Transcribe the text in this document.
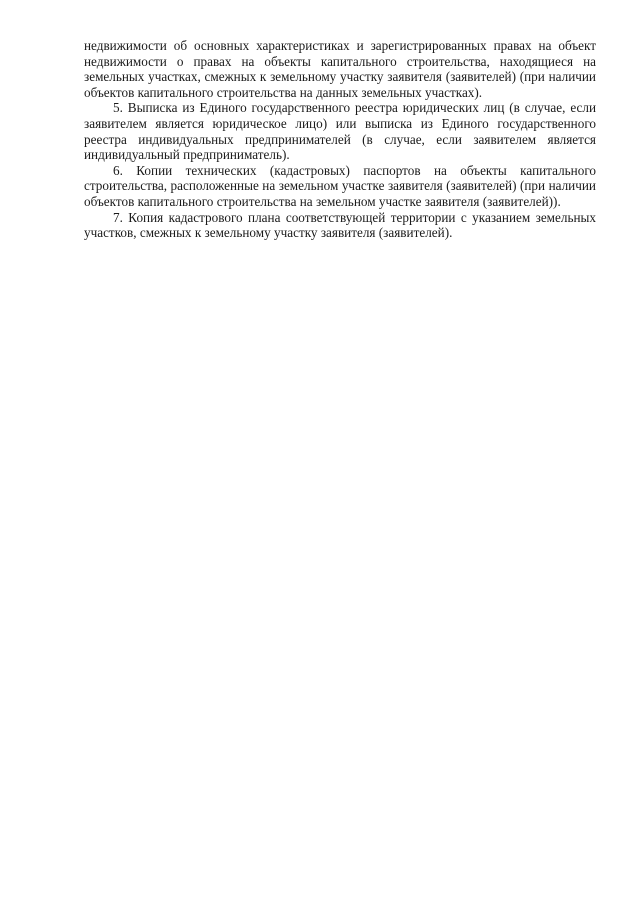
недвижимости об основных характеристиках и зарегистрированных правах на объект недвижимости о правах на объекты капитального строительства, находящиеся на земельных участках, смежных к земельному участку заявителя (заявителей) (при наличии объектов капитального строительства на данных земельных участках).

5. Выписка из Единого государственного реестра юридических лиц (в случае, если заявителем является юридическое лицо) или выписка из Единого государственного реестра индивидуальных предпринимателей (в случае, если заявителем является индивидуальный предприниматель).

6. Копии технических (кадастровых) паспортов на объекты капитального строительства, расположенные на земельном участке заявителя (заявителей) (при наличии объектов капитального строительства на земельном участке заявителя (заявителей)).

7. Копия кадастрового плана соответствующей территории с указанием земельных участков, смежных к земельному участку заявителя (заявителей).
